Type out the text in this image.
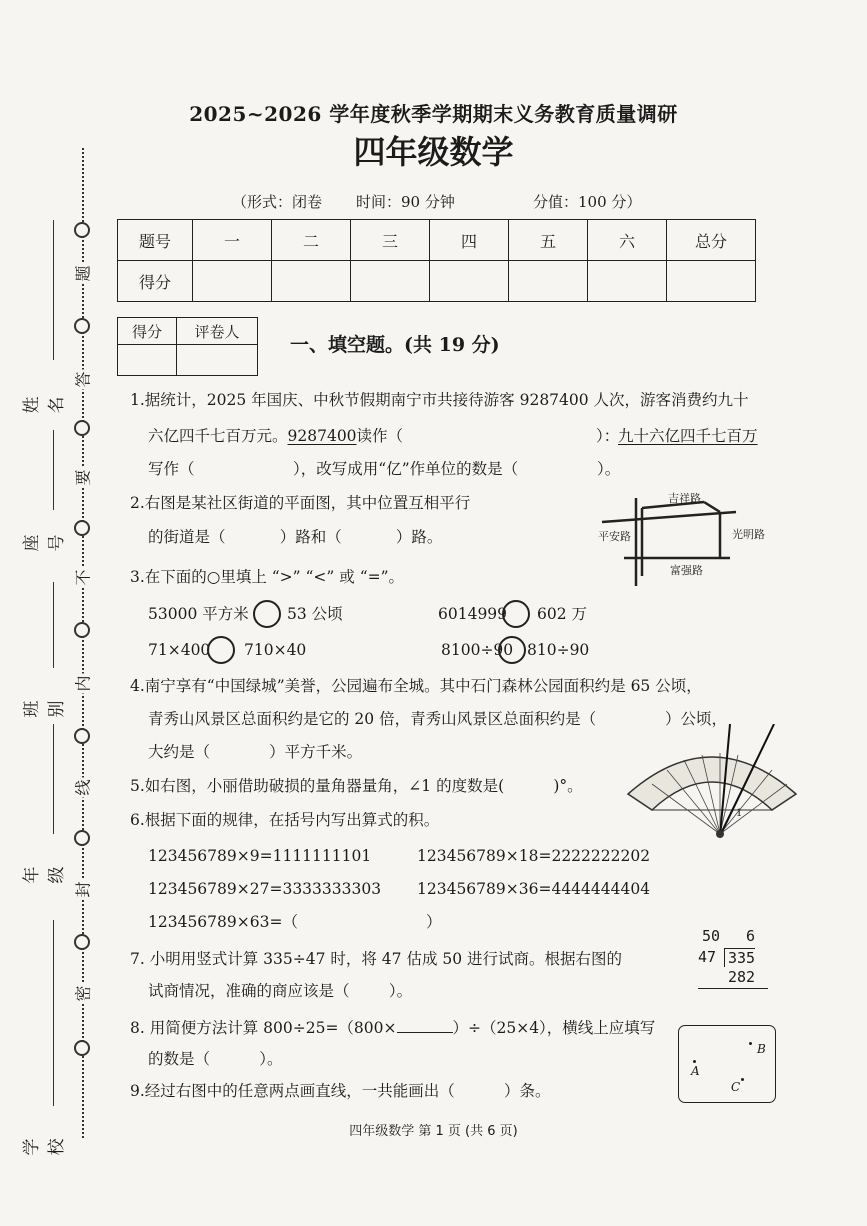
题
答
要
不
内
线
封
密
姓名
座号
班别
年级
学校
2025~2026 学年度秋季学期期末义务教育质量调研
四年级数学
（形式：闭卷 时间：90 分钟	分值：100 分）
题号	一	二	三	四	五	六	总分
得分							
得分	评卷人

一、填空题。(共 19 分)
1.据统计，2025 年国庆、中秋节假期南宁市共接待游客 9287400 人次，游客消费约九十
六亿四千七百万元。9287400读作（	）：
九十六亿四千七百万
写作（                    ），改写成用“亿”作单位的数是（                ）。
2.右图是某社区街道的平面图，其中位置互相平行
的街道是（           ）路和（           ）路。
吉祥路
平安路	光明路
富强路
3.在下面的○里填上 “>” “<” 或 “=”。
53000 平方米 53 公顷	6014999 602 万
71×400 710×40	8100÷90 810÷90
4.南宁享有“中国绿城”美誉，公园遍布全城。其中石门森林公园面积约是 65 公顷，
青秀山风景区总面积约是它的 20 倍，青秀山风景区总面积约是（              ）公顷，
大约是（            ）平方千米。
5.如右图，小丽借助破损的量角器量角，∠1 的度数是(          )°。
1
6.根据下面的规律，在括号内写出算式的积。
123456789×9=1111111101	123456789×18=2222222202
123456789×27=3333333303 123456789×36=4444444404
123456789×63=（                          ）
7. 小明用竖式计算 335÷47 时，将 47 估成 50 进行试商。根据右图的
试商情况，准确的商应该是（        ）。
50 6
47 335
282
8. 用简便方法计算 800÷25=（800×	）÷（25×4），横线上应填写
的数是（          ）。
9.经过右图中的任意两点画直线，一共能画出（          ）条。
A
B
C
四年级数学 第 1 页 (共 6 页)
